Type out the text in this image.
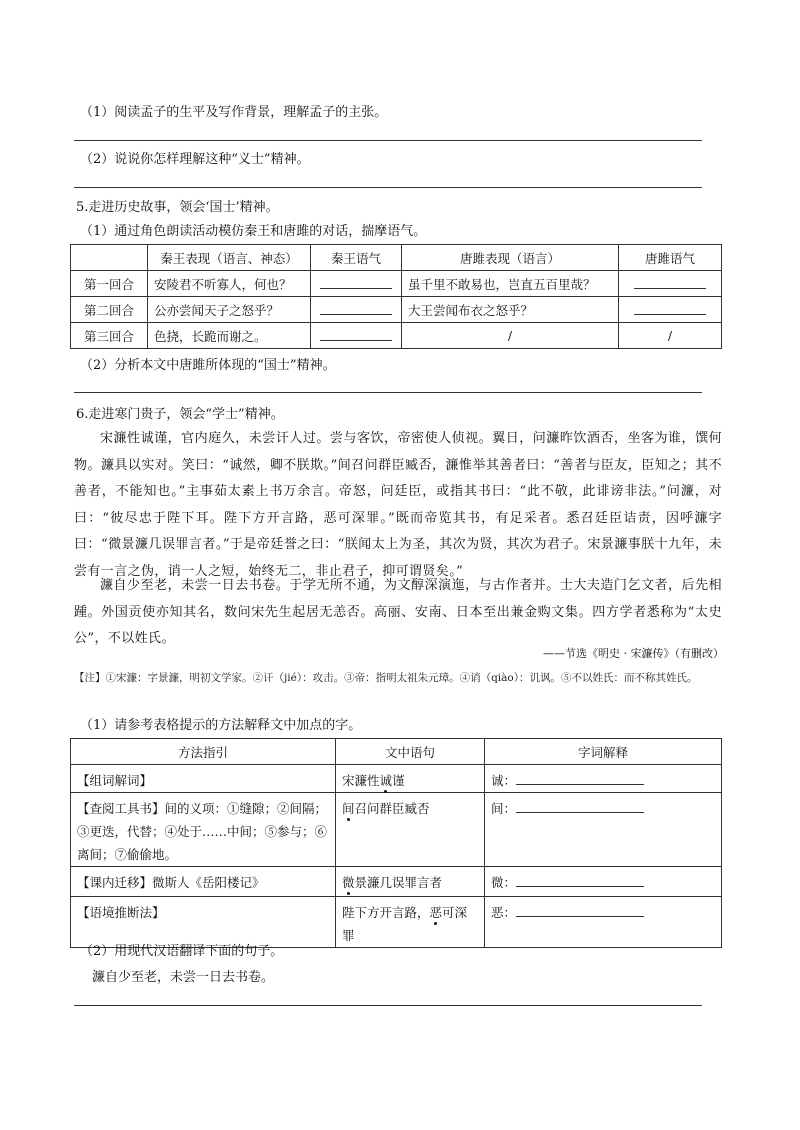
（1）阅读孟子的生平及写作背景，理解孟子的主张。
（2）说说你怎样理解这种“义士”精神。
5.走进历史故事，领会‘国士’精神。
（1）通过角色朗读活动模仿秦王和唐雎的对话，揣摩语气。
	秦王表现（语言、神态）	秦王语气	唐雎表现（语言）	唐雎语气
第一回合	安陵君不听寡人，何也？		虽千里不敢易也，岂直五百里哉？	
第二回合	公亦尝闻天子之怒乎？		大王尝闻布衣之怒乎？	
第三回合	色挠，长跪而谢之。		/	/
（2）分析本文中唐雎所体现的“国士”精神。
6.走进寒门贵子，领会“学士”精神。
宋濂性诚谨，官内庭久，未尝讦人过。尝与客饮，帝密使人侦视。翼日，问濂昨饮酒否，坐客为谁，馔何物。濂具以实对。笑曰：“诚然，卿不朕欺。”间召问群臣臧否，濂惟举其善者曰：“善者与臣友，臣知之；其不善者，不能知也。”主事茹太素上书万余言。帝怒，问廷臣，或指其书曰：“此不敬，此诽谤非法。”问濂，对曰：“彼尽忠于陛下耳。陛下方开言路，恶可深罪。”既而帝览其书，有足采者。悉召廷臣诘责，因呼濂字曰：“微景濂几误罪言者。”于是帝廷誉之曰：“朕闻太上为圣，其次为贤，其次为君子。宋景濂事朕十九年，未尝有一言之伪，诮一人之短，始终无二，非止君子，抑可谓贤矣。”
濂自少至老，未尝一日去书卷。于学无所不通，为文醇深演迤，与古作者并。士大夫造门乞文者，后先相踵。外国贡使亦知其名，数问宋先生起居无恙否。高丽、安南、日本至出兼金购文集。四方学者悉称为“太史公”，不以姓氏。
——节选《明史 · 宋濂传》（有删改）
【注】①宋濂：字景濂，明初文学家。②讦（jié）：攻击。③帝：指明太祖朱元璋。④诮（qiào）：讥讽。⑤不以姓氏：而不称其姓氏。
（1）请参考表格提示的方法解释文中加点的字。
方法指引	文中语句	字词解释
【组词解词】	宋濂性诚谨	诚：
【查阅工具书】间的义项：①缝隙；②间隔；③更迭，代替；④处于……中间；⑤参与；⑥离间；⑦偷偷地。	间召问群臣臧否	间：
【课内迁移】微斯人《岳阳楼记》	微景濂几误罪言者	微：
【语境推断法】	陛下方开言路，恶可深罪	恶：
（2）用现代汉语翻译下面的句子。
濂自少至老，未尝一日去书卷。
